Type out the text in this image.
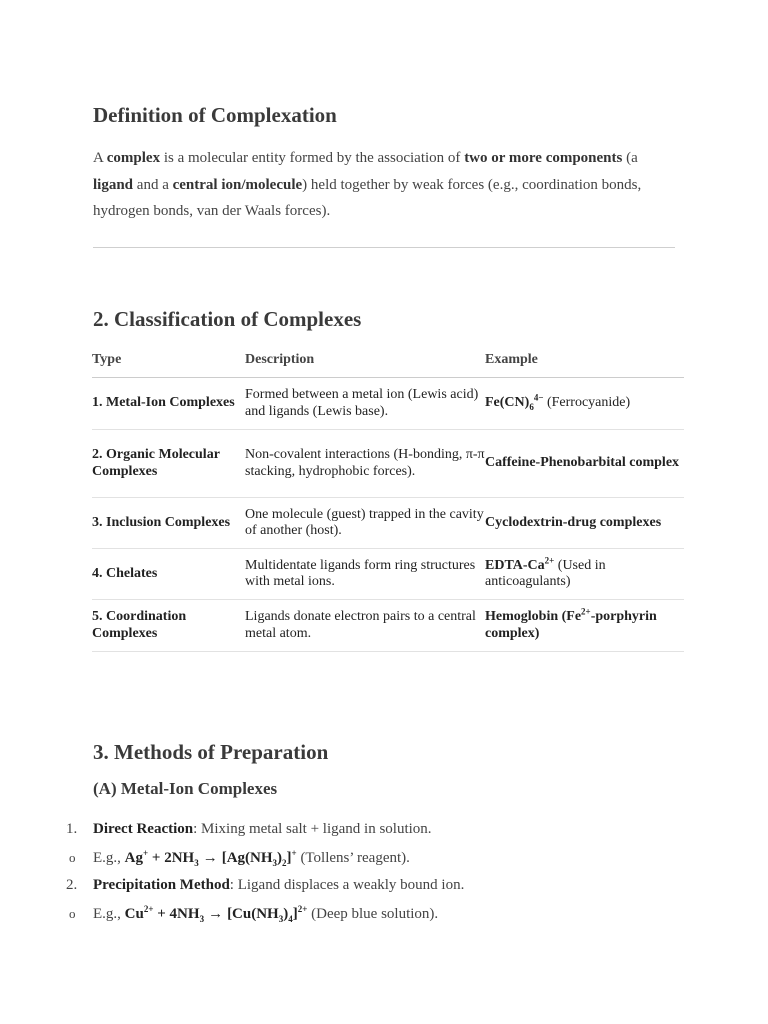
Definition of Complexation

A complex is a molecular entity formed by the association of two or more components (a ligand and a central ion/molecule) held together by weak forces (e.g., coordination bonds, hydrogen bonds, van der Waals forces).

2. Classification of Complexes
Type	Description	Example
1. Metal-Ion Complexes	Formed between a metal ion (Lewis acid) and ligands (Lewis base).	$Fe(CN)_6^{4-}$ (Ferrocyanide)
2. Organic Molecular Complexes	Non-covalent interactions (H-bonding, π-π stacking, hydrophobic forces).	Caffeine-Phenobarbital complex
3. Inclusion Complexes	One molecule (guest) trapped in the cavity of another (host).	Cyclodextrin-drug complexes
4. Chelates	Multidentate ligands form ring structures with metal ions.	EDTA-$Ca^{2+}$ (Used in anticoagulants)
5. Coordination Complexes	Ligands donate electron pairs to a central metal atom.	Hemoglobin ($Fe^{2+}$-porphyrin complex)
3. Methods of Preparation
(A) Metal-Ion Complexes
1.	Direct Reaction: Mixing metal salt + ligand in solution.
o	E.g., $Ag^+ + 2NH_3 \to [Ag(NH_3)_2]^+$ (Tollens’ reagent).
2.	Precipitation Method: Ligand displaces a weakly bound ion.
o	E.g., $Cu^{2+} + 4NH_3 \to [Cu(NH_3)_4]^{2+}$ (Deep blue solution).
